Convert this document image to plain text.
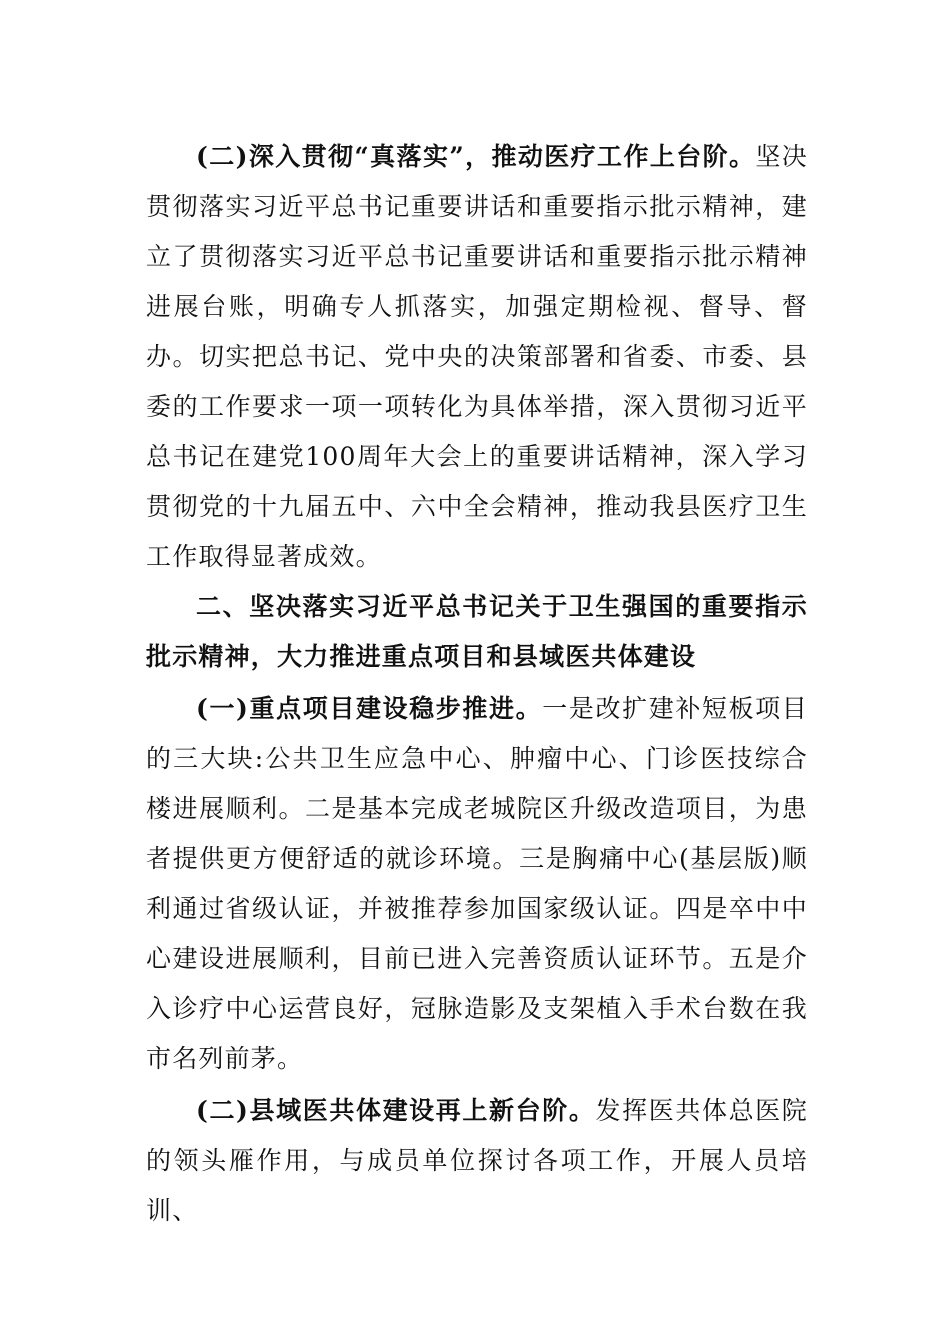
(二)深入贯彻“真落实”，推动医疗工作上台阶。坚决贯彻落实习近平总书记重要讲话和重要指示批示精神，建立了贯彻落实习近平总书记重要讲话和重要指示批示精神进展台账，明确专人抓落实，加强定期检视、督导、督办。切实把总书记、党中央的决策部署和省委、市委、县委的工作要求一项一项转化为具体举措，深入贯彻习近平总书记在建党100周年大会上的重要讲话精神，深入学习贯彻党的十九届五中、六中全会精神，推动我县医疗卫生工作取得显著成效。

二、坚决落实习近平总书记关于卫生强国的重要指示批示精神，大力推进重点项目和县域医共体建设

(一)重点项目建设稳步推进。一是改扩建补短板项目的三大块:公共卫生应急中心、肿瘤中心、门诊医技综合楼进展顺利。二是基本完成老城院区升级改造项目，为患者提供更方便舒适的就诊环境。三是胸痛中心(基层版)顺利通过省级认证，并被推荐参加国家级认证。四是卒中中心建设进展顺利，目前已进入完善资质认证环节。五是介入诊疗中心运营良好，冠脉造影及支架植入手术台数在我市名列前茅。

(二)县域医共体建设再上新台阶。发挥医共体总医院的领头雁作用，与成员单位探讨各项工作，开展人员培训、
